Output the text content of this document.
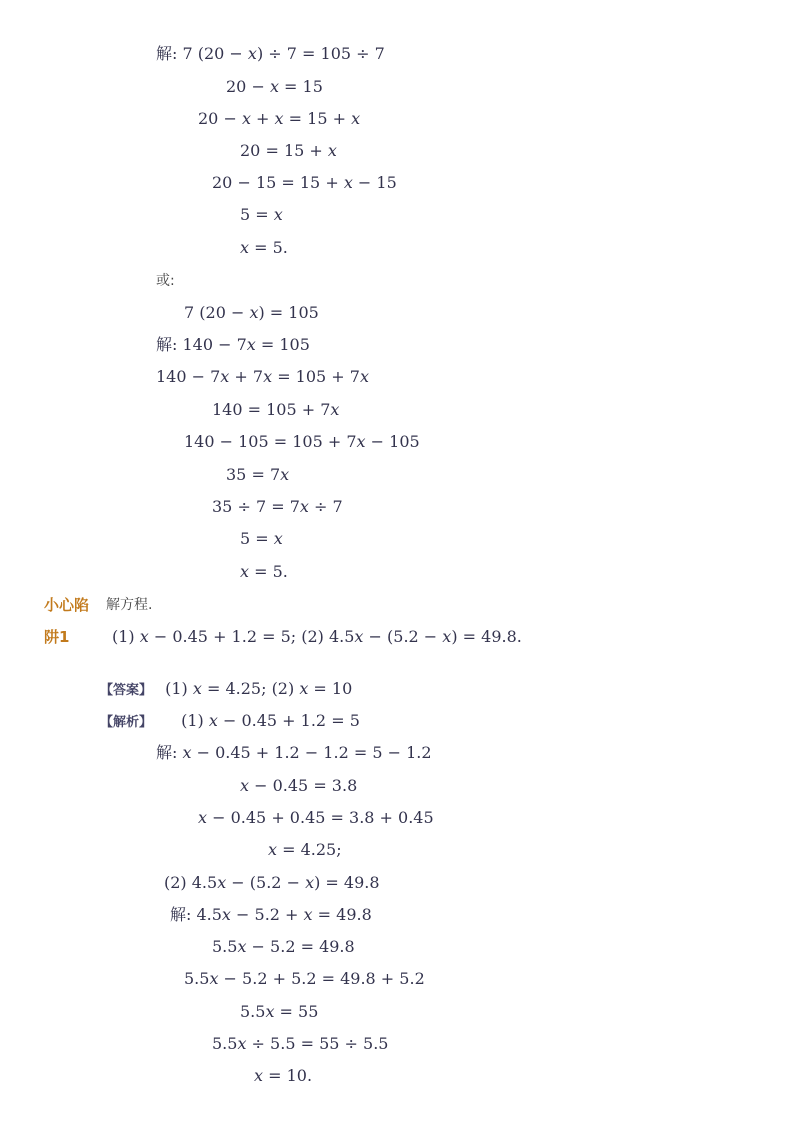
解: 7 (20 − 𝑥) ÷ 7 = 105 ÷ 7
20 − 𝑥 = 15
20 − 𝑥 + 𝑥 = 15 + 𝑥
20 = 15 + 𝑥
20 − 15 = 15 + 𝑥 − 15
5 = 𝑥
𝑥 = 5.
或:
7 (20 − 𝑥) = 105
解: 140 − 7𝑥 = 105
140 − 7𝑥 + 7𝑥 = 105 + 7𝑥
140 = 105 + 7𝑥
140 − 105 = 105 + 7𝑥 − 105
35 = 7𝑥
35 ÷ 7 = 7𝑥 ÷ 7
5 = 𝑥
𝑥 = 5.
小心陷
阱1
解方程.
(1) 𝑥 − 0.45 + 1.2 = 5; (2) 4.5𝑥 − (5.2 − 𝑥) = 49.8.
【答案】 (1) 𝑥 = 4.25; (2) 𝑥 = 10
【解析】 (1) 𝑥 − 0.45 + 1.2 = 5
解: 𝑥 − 0.45 + 1.2 − 1.2 = 5 − 1.2
𝑥 − 0.45 = 3.8
𝑥 − 0.45 + 0.45 = 3.8 + 0.45
𝑥 = 4.25;
(2) 4.5𝑥 − (5.2 − 𝑥) = 49.8
解: 4.5𝑥 − 5.2 + 𝑥 = 49.8
5.5𝑥 − 5.2 = 49.8
5.5𝑥 − 5.2 + 5.2 = 49.8 + 5.2
5.5𝑥 = 55
5.5𝑥 ÷ 5.5 = 55 ÷ 5.5
𝑥 = 10.
